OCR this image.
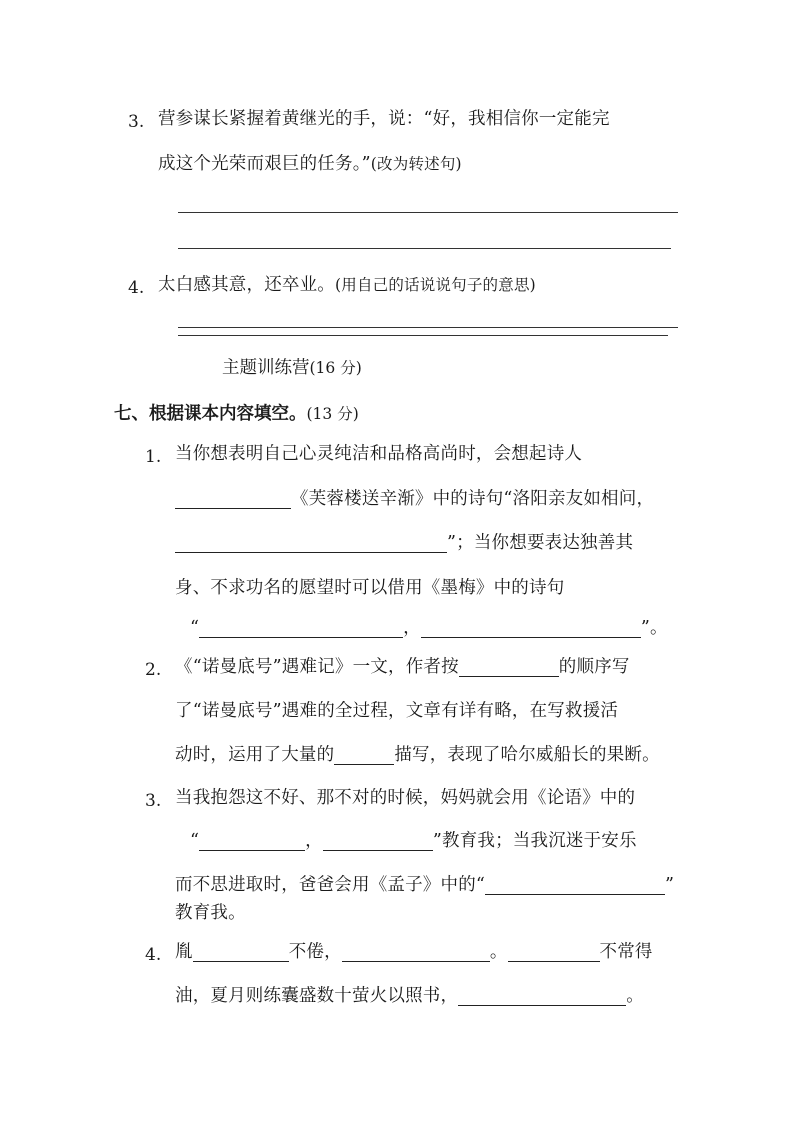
3. 营参谋长紧握着黄继光的手，说：“好，我相信你一定能完
成这个光荣而艰巨的任务。”(改为转述句)
4. 太白感其意，还卒业。(用自己的话说说句子的意思)
主题训练营(16 分)
七、根据课本内容填空。(13 分)
1. 当你想表明自己心灵纯洁和品格高尚时，会想起诗人
《芙蓉楼送辛渐》中的诗句“洛阳亲友如相问，
”；当你想要表达独善其
身、不求功名的愿望时可以借用《墨梅》中的诗句
“	，	”。
2. 《“诺曼底号”遇难记》一文，作者按	的顺序写
了“诺曼底号”遇难的全过程，文章有详有略，在写救援活
动时，运用了大量的	描写，表现了哈尔威船长的果断。
3. 当我抱怨这不好、那不对的时候，妈妈就会用《论语》中的
“	，	”教育我；当我沉迷于安乐
而不思进取时，爸爸会用《孟子》中的“	”
教育我。
4. 胤	不倦，	。	不常得
油，夏月则练囊盛数十萤火以照书，	。
